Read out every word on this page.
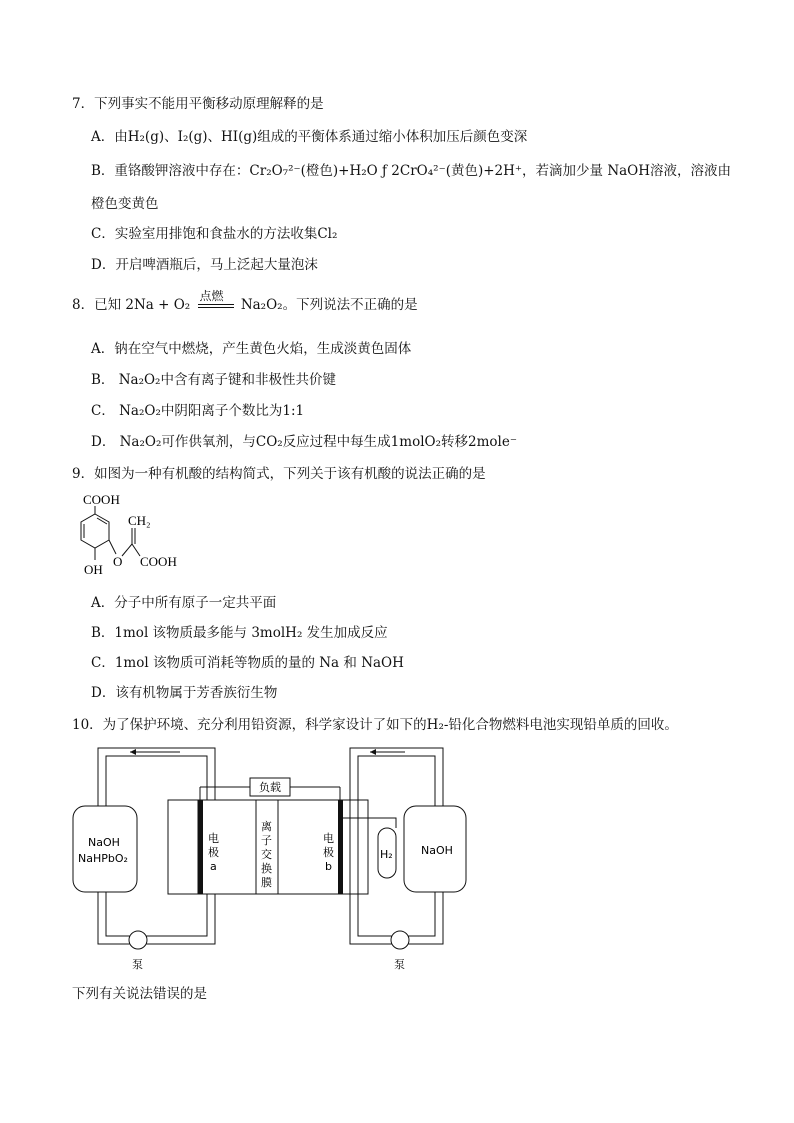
7．下列事实不能用平衡移动原理解释的是
A．由H₂(g)、I₂(g)、HI(g)组成的平衡体系通过缩小体积加压后颜色变深
B．重铬酸钾溶液中存在：Cr₂O₇²⁻(橙色)+H₂O ƒ 2CrO₄²⁻(黄色)+2H⁺，若滴加少量 NaOH溶液，溶液由
橙色变黄色
C．实验室用排饱和食盐水的方法收集Cl₂
D．开启啤酒瓶后，马上泛起大量泡沫
8．已知 2Na + O₂
点燃
Na₂O₂。下列说法不正确的是
A．钠在空气中燃烧，产生黄色火焰，生成淡黄色固体
B． Na₂O₂中含有离子键和非极性共价键
C． Na₂O₂中阴阳离子个数比为1:1
D． Na₂O₂可作供氧剂，与CO₂反应过程中每生成1molO₂转移2mole⁻
9．如图为一种有机酸的结构简式，下列关于该有机酸的说法正确的是
COOH
OH
O
CH₂
COOH
A．分子中所有原子一定共平面
B．1mol 该物质最多能与 3molH₂ 发生加成反应
C．1mol 该物质可消耗等物质的量的 Na 和 NaOH
D．该有机物属于芳香族衍生物
10．为了保护环境、充分利用铅资源，科学家设计了如下的H₂-铅化合物燃料电池实现铅单质的回收。
NaOH
NaHPbO₂
电
极
a
离
子
交
换
膜
电
极
b
负载
H₂	NaOH
泵	泵
下列有关说法错误的是
